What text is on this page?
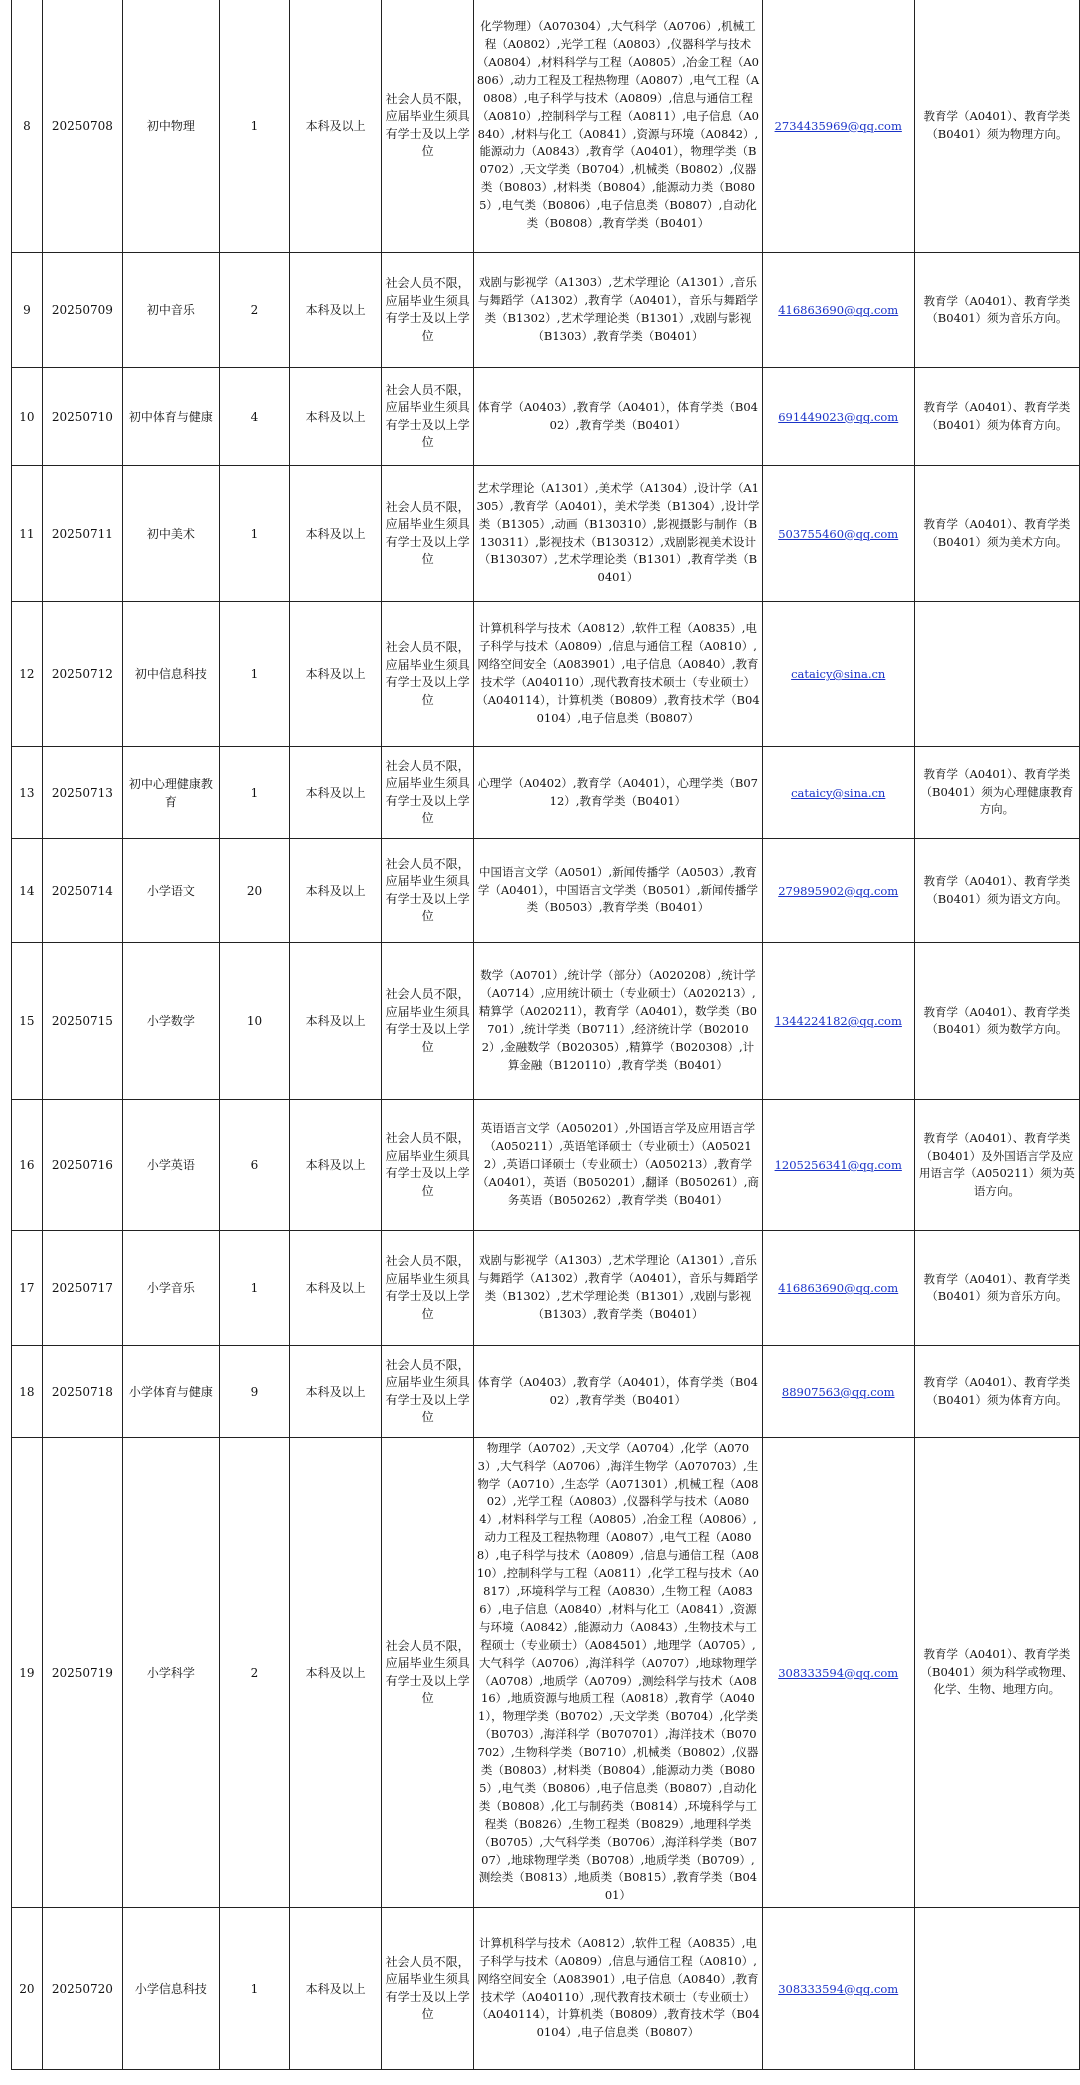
8	20250708	初中物理	1	本科及以上	社会人员不限，应届毕业生须具有学士及以上学位	化学物理）（A070304）,大气科学（A0706）,机械工程（A0802）,光学工程（A0803）,仪器科学与技术（A0804）,材料科学与工程（A0805）,冶金工程（A0806）,动力工程及工程热物理（A0807）,电气工程（A0808）,电子科学与技术（A0809）,信息与通信工程（A0810）,控制科学与工程（A0811）,电子信息（A0840）,材料与化工（A0841）,资源与环境（A0842）,能源动力（A0843）,教育学（A0401），物理学类（B0702）,天文学类（B0704）,机械类（B0802）,仪器类（B0803）,材料类（B0804）,能源动力类（B0805）,电气类（B0806）,电子信息类（B0807）,自动化类（B0808）,教育学类（B0401）	2734435969@qq.com	教育学（A0401）、教育学类（B0401）须为物理方向。
9	20250709	初中音乐	2	本科及以上	社会人员不限，应届毕业生须具有学士及以上学位	戏剧与影视学（A1303）,艺术学理论（A1301）,音乐与舞蹈学（A1302）,教育学（A0401），音乐与舞蹈学类（B1302）,艺术学理论类（B1301）,戏剧与影视（B1303）,教育学类（B0401）	416863690@qq.com	教育学（A0401）、教育学类（B0401）须为音乐方向。
10	20250710	初中体育与健康	4	本科及以上	社会人员不限，应届毕业生须具有学士及以上学位	体育学（A0403）,教育学（A0401），体育学类（B0402）,教育学类（B0401）	691449023@qq.com	教育学（A0401）、教育学类（B0401）须为体育方向。
11	20250711	初中美术	1	本科及以上	社会人员不限，应届毕业生须具有学士及以上学位	艺术学理论（A1301）,美术学（A1304）,设计学（A1305）,教育学（A0401），美术学类（B1304）,设计学类（B1305）,动画（B130310）,影视摄影与制作（B130311）,影视技术（B130312）,戏剧影视美术设计（B130307）,艺术学理论类（B1301）,教育学类（B0401）	503755460@qq.com	教育学（A0401）、教育学类（B0401）须为美术方向。
12	20250712	初中信息科技	1	本科及以上	社会人员不限，应届毕业生须具有学士及以上学位	计算机科学与技术（A0812）,软件工程（A0835）,电子科学与技术（A0809）,信息与通信工程（A0810）,网络空间安全（A083901）,电子信息（A0840）,教育技术学（A040110）,现代教育技术硕士（专业硕士）（A040114），计算机类（B0809）,教育技术学（B040104）,电子信息类（B0807）	cataicy@sina.cn	
13	20250713	初中心理健康教育	1	本科及以上	社会人员不限，应届毕业生须具有学士及以上学位	心理学（A0402）,教育学（A0401），心理学类（B0712）,教育学类（B0401）	cataicy@sina.cn	教育学（A0401）、教育学类（B0401）须为心理健康教育方向。
14	20250714	小学语文	20	本科及以上	社会人员不限，应届毕业生须具有学士及以上学位	中国语言文学（A0501）,新闻传播学（A0503）,教育学（A0401），中国语言文学类（B0501）,新闻传播学类（B0503）,教育学类（B0401）	279895902@qq.com	教育学（A0401）、教育学类（B0401）须为语文方向。
15	20250715	小学数学	10	本科及以上	社会人员不限，应届毕业生须具有学士及以上学位	数学（A0701）,统计学（部分）（A020208）,统计学（A0714）,应用统计硕士（专业硕士）（A020213）,精算学（A020211），教育学（A0401），数学类（B0701）,统计学类（B0711）,经济统计学（B020102）,金融数学（B020305）,精算学（B020308）,计算金融（B120110）,教育学类（B0401）	1344224182@qq.com	教育学（A0401）、教育学类（B0401）须为数学方向。
16	20250716	小学英语	6	本科及以上	社会人员不限，应届毕业生须具有学士及以上学位	英语语言文学（A050201）,外国语言学及应用语言学（A050211）,英语笔译硕士（专业硕士）（A050212）,英语口译硕士（专业硕士）（A050213）,教育学（A0401），英语（B050201）,翻译（B050261）,商务英语（B050262）,教育学类（B0401）	1205256341@qq.com	教育学（A0401）、教育学类（B0401）及外国语言学及应用语言学（A050211）须为英语方向。
17	20250717	小学音乐	1	本科及以上	社会人员不限，应届毕业生须具有学士及以上学位	戏剧与影视学（A1303）,艺术学理论（A1301）,音乐与舞蹈学（A1302）,教育学（A0401），音乐与舞蹈学类（B1302）,艺术学理论类（B1301）,戏剧与影视（B1303）,教育学类（B0401）	416863690@qq.com	教育学（A0401）、教育学类（B0401）须为音乐方向。
18	20250718	小学体育与健康	9	本科及以上	社会人员不限，应届毕业生须具有学士及以上学位	体育学（A0403）,教育学（A0401），体育学类（B0402）,教育学类（B0401）	88907563@qq.com	教育学（A0401）、教育学类（B0401）须为体育方向。
19	20250719	小学科学	2	本科及以上	社会人员不限，应届毕业生须具有学士及以上学位	物理学（A0702）,天文学（A0704）,化学（A0703）,大气科学（A0706）,海洋生物学（A070703）,生物学（A0710）,生态学（A071301）,机械工程（A0802）,光学工程（A0803）,仪器科学与技术（A0804）,材料科学与工程（A0805）,冶金工程（A0806）,动力工程及工程热物理（A0807）,电气工程（A0808）,电子科学与技术（A0809）,信息与通信工程（A0810）,控制科学与工程（A0811）,化学工程与技术（A0817）,环境科学与工程（A0830）,生物工程（A0836）,电子信息（A0840）,材料与化工（A0841）,资源与环境（A0842）,能源动力（A0843）,生物技术与工程硕士（专业硕士）（A084501）,地理学（A0705）,大气科学（A0706）,海洋科学（A0707）,地球物理学（A0708）,地质学（A0709）,测绘科学与技术（A0816）,地质资源与地质工程（A0818）,教育学（A0401），物理学类（B0702）,天文学类（B0704）,化学类（B0703）,海洋科学（B070701）,海洋技术（B070702）,生物科学类（B0710）,机械类（B0802）,仪器类（B0803）,材料类（B0804）,能源动力类（B0805）,电气类（B0806）,电子信息类（B0807）,自动化类（B0808）,化工与制药类（B0814）,环境科学与工程类（B0826）,生物工程类（B0829）,地理科学类（B0705）,大气科学类（B0706）,海洋科学类（B0707）,地球物理学类（B0708）,地质学类（B0709）,测绘类（B0813）,地质类（B0815）,教育学类（B0401）	308333594@qq.com	教育学（A0401）、教育学类（B0401）须为科学或物理、化学、生物、地理方向。
20	20250720	小学信息科技	1	本科及以上	社会人员不限，应届毕业生须具有学士及以上学位	计算机科学与技术（A0812）,软件工程（A0835）,电子科学与技术（A0809）,信息与通信工程（A0810）,网络空间安全（A083901）,电子信息（A0840）,教育技术学（A040110）,现代教育技术硕士（专业硕士）（A040114），计算机类（B0809）,教育技术学（B040104）,电子信息类（B0807）	308333594@qq.com	
